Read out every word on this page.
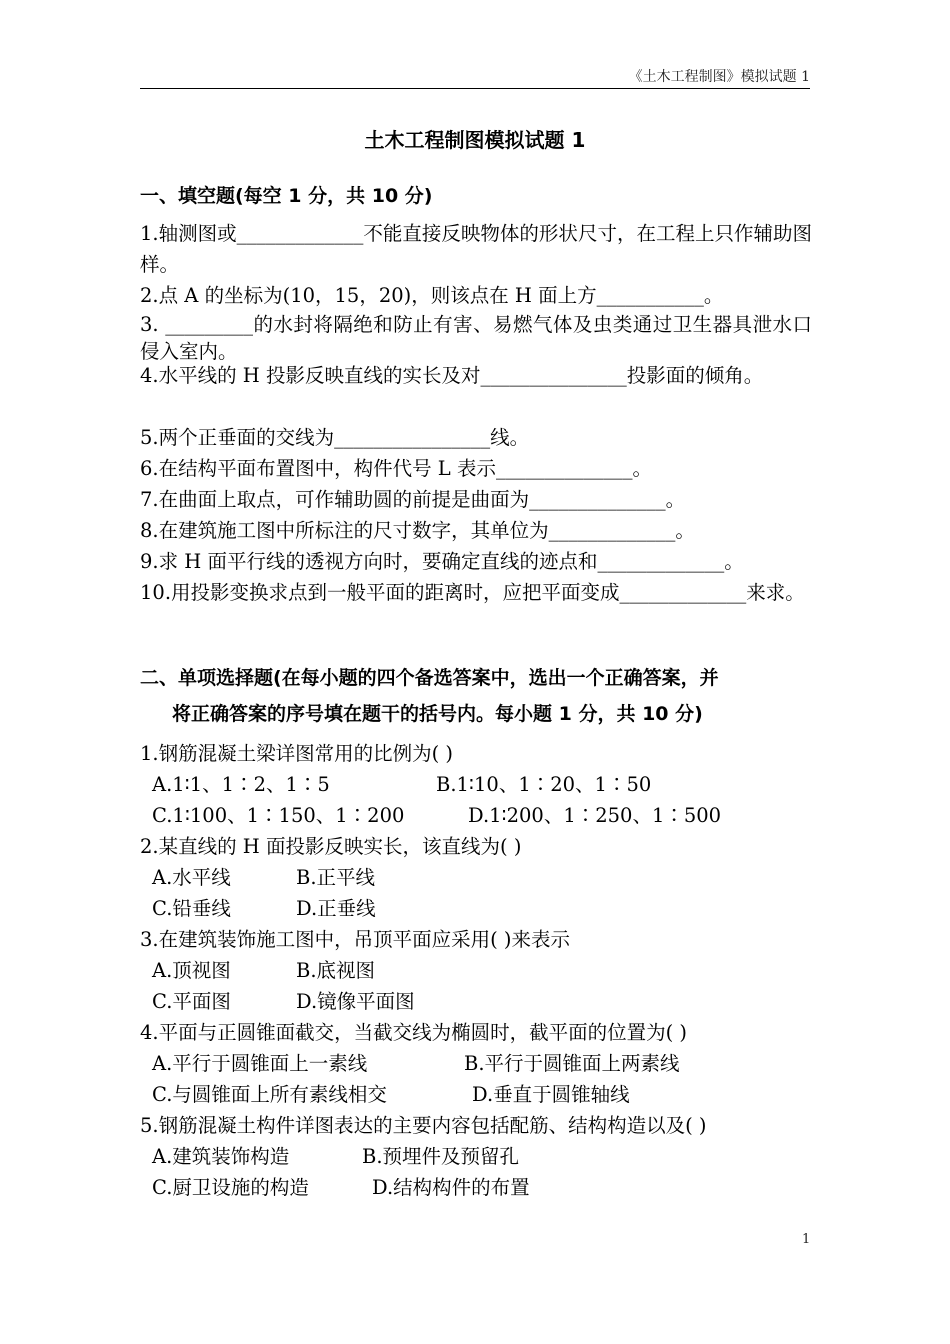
《土木工程制图》模拟试题 1
土木工程制图模拟试题 1
一、填空题(每空 1 分，共 10 分)
1.轴测图或_____________不能直接反映物体的形状尺寸，在工程上只作辅助图样。
2.点 A 的坐标为(10，15，20)，则该点在 H 面上方___________。
3. _________的水封将隔绝和防止有害、易燃气体及虫类通过卫生器具泄水口侵入室内。
4.水平线的 H 投影反映直线的实长及对_______________投影面的倾角。
5.两个正垂面的交线为________________线。
6.在结构平面布置图中，构件代号 L 表示______________。
7.在曲面上取点，可作辅助圆的前提是曲面为______________。
8.在建筑施工图中所标注的尺寸数字，其单位为_____________。
9.求 H 面平行线的透视方向时，要确定直线的迹点和_____________。
10.用投影变换求点到一般平面的距离时，应把平面变成_____________来求。
二、单项选择题(在每小题的四个备选答案中，选出一个正确答案，并
将正确答案的序号填在题干的括号内。每小题 1 分，共 10 分)
1.钢筋混凝土梁详图常用的比例为( )
A.1∶1、1∶2、1∶5	B.1∶10、1∶20、1∶50
C.1∶100、1∶150、1∶200	D.1∶200、1∶250、1∶500
2.某直线的 H 面投影反映实长，该直线为( )
A.水平线	B.正平线
C.铅垂线	D.正垂线
3.在建筑装饰施工图中，吊顶平面应采用( )来表示
A.顶视图	B.底视图
C.平面图	D.镜像平面图
4.平面与正圆锥面截交，当截交线为椭圆时，截平面的位置为( )
A.平行于圆锥面上一素线	B.平行于圆锥面上两素线
C.与圆锥面上所有素线相交	D.垂直于圆锥轴线
5.钢筋混凝土构件详图表达的主要内容包括配筋、结构构造以及( )
A.建筑装饰构造	B.预埋件及预留孔
C.厨卫设施的构造	D.结构构件的布置
1
